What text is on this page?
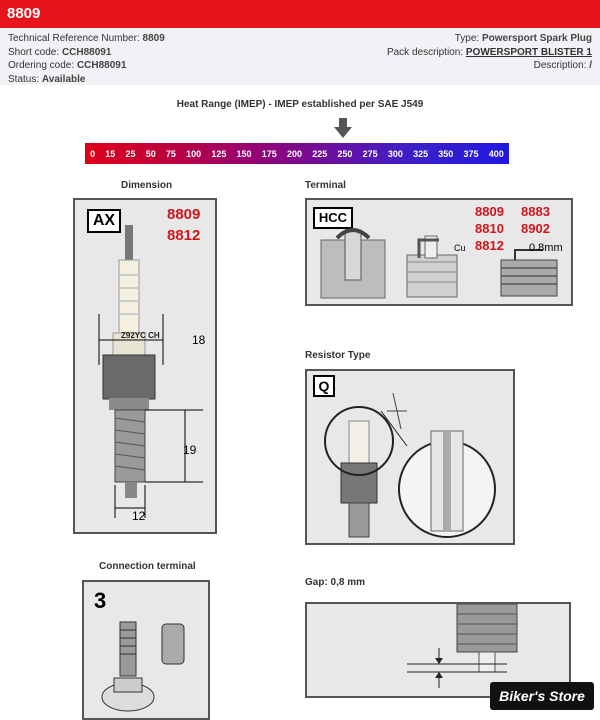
8809
Technical Reference Number: 8809
Short code: CCH88091
Ordering code: CCH88091
Status: Available
Type: Powersport Spark Plug
Pack description: POWERSPORT BLISTER 1
Description: /
Heat Range (IMEP) - IMEP established per SAE J549
0 15 25 50 75 100 125 150 175 200 225 250 275 300 325 350 375 400
Dimension	Terminal
Resistor Type
Connection terminal
Gap: 0,8 mm
AX	8809
8812
Z92YC CH	18
19
12
HCC	8809 8883
8810 8902
8812
Cu	0.8mm
Q
3
Biker's Store
